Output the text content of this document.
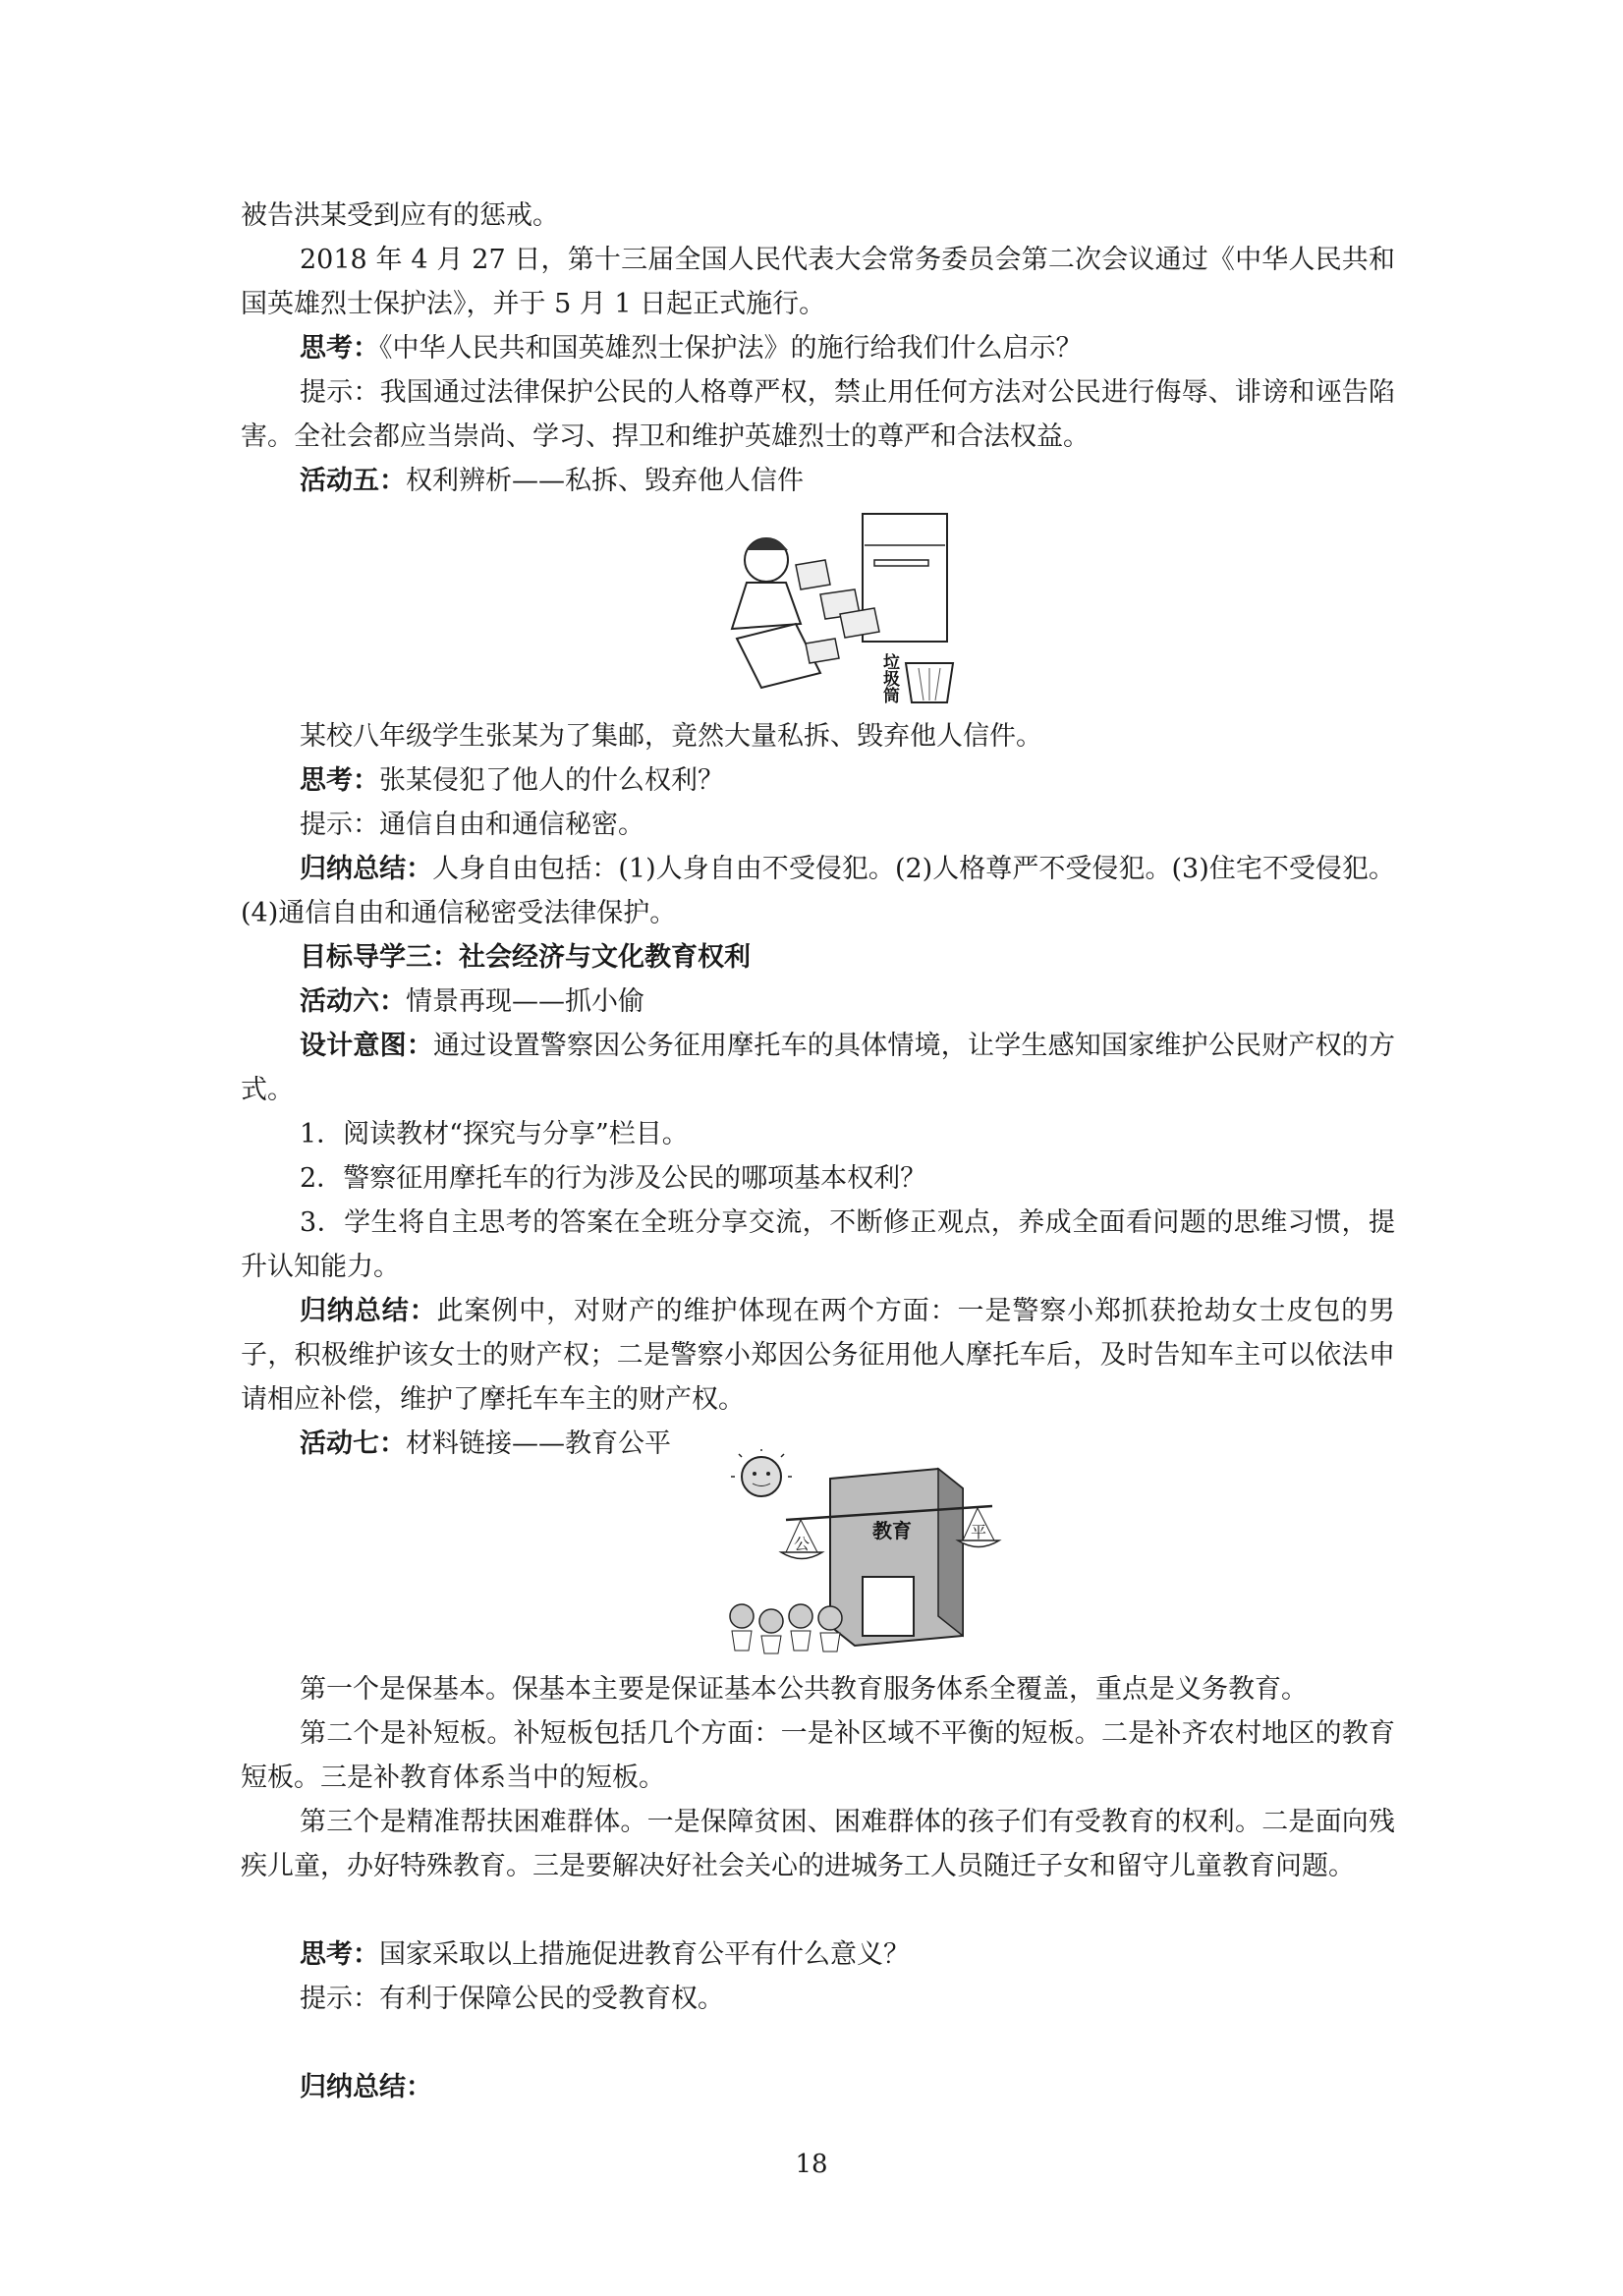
被告洪某受到应有的惩戒。

2018 年 4 月 27 日，第十三届全国人民代表大会常务委员会第二次会议通过《中华人民共和国英雄烈士保护法》，并于 5 月 1 日起正式施行。

思考：《中华人民共和国英雄烈士保护法》的施行给我们什么启示？

提示：我国通过法律保护公民的人格尊严权，禁止用任何方法对公民进行侮辱、诽谤和诬告陷害。全社会都应当崇尚、学习、捍卫和维护英雄烈士的尊严和合法权益。

活动五：权利辨析——私拆、毁弃他人信件

垃圾筒

某校八年级学生张某为了集邮，竟然大量私拆、毁弃他人信件。

思考：张某侵犯了他人的什么权利？

提示：通信自由和通信秘密。

归纳总结：人身自由包括：(1)人身自由不受侵犯。(2)人格尊严不受侵犯。(3)住宅不受侵犯。(4)通信自由和通信秘密受法律保护。

目标导学三：社会经济与文化教育权利

活动六：情景再现——抓小偷

设计意图：通过设置警察因公务征用摩托车的具体情境，让学生感知国家维护公民财产权的方式。

1．阅读教材“探究与分享”栏目。

2．警察征用摩托车的行为涉及公民的哪项基本权利？

3．学生将自主思考的答案在全班分享交流，不断修正观点，养成全面看问题的思维习惯，提升认知能力。

归纳总结：此案例中，对财产的维护体现在两个方面：一是警察小郑抓获抢劫女士皮包的男子，积极维护该女士的财产权；二是警察小郑因公务征用他人摩托车后，及时告知车主可以依法申请相应补偿，维护了摩托车车主的财产权。

活动七：材料链接——教育公平

教育
公
平

第一个是保基本。保基本主要是保证基本公共教育服务体系全覆盖，重点是义务教育。

第二个是补短板。补短板包括几个方面：一是补区域不平衡的短板。二是补齐农村地区的教育短板。三是补教育体系当中的短板。

第三个是精准帮扶困难群体。一是保障贫困、困难群体的孩子们有受教育的权利。二是面向残疾儿童，办好特殊教育。三是要解决好社会关心的进城务工人员随迁子女和留守儿童教育问题。

思考：国家采取以上措施促进教育公平有什么意义？

提示：有利于保障公民的受教育权。

归纳总结：

18
